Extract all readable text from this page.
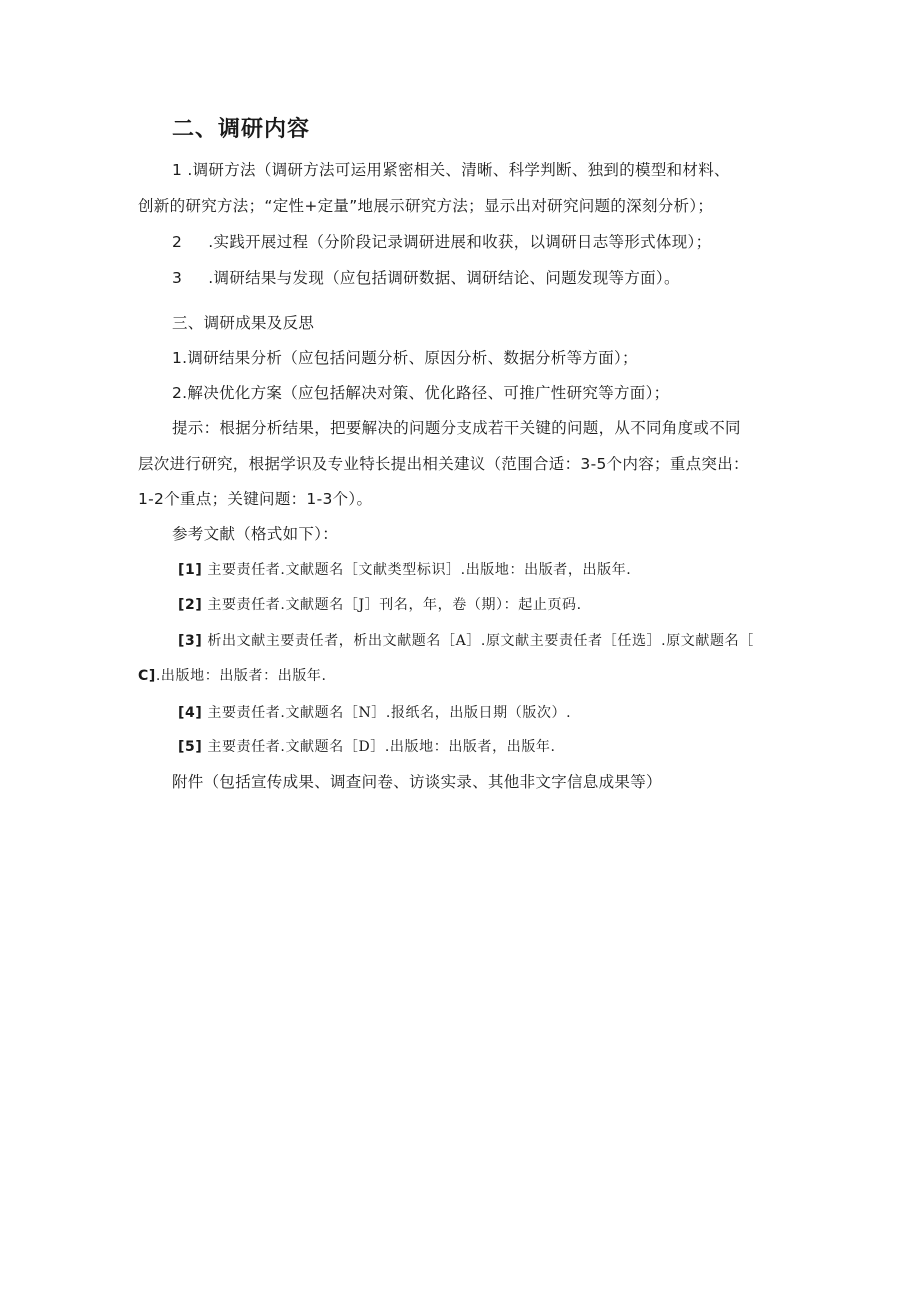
二、调研内容
1 .调研方法（调研方法可运用紧密相关、清晰、科学判断、独到的模型和材料、
创新的研究方法；“定性+定量”地展示研究方法；显示出对研究问题的深刻分析）；
2     .实践开展过程（分阶段记录调研进展和收获，以调研日志等形式体现）；
3     .调研结果与发现（应包括调研数据、调研结论、问题发现等方面）。
三、调研成果及反思
1.调研结果分析（应包括问题分析、原因分析、数据分析等方面）；
2.解决优化方案（应包括解决对策、优化路径、可推广性研究等方面）；
提示：根据分析结果，把要解决的问题分支成若干关键的问题，从不同角度或不同
层次进行研究，根据学识及专业特长提出相关建议（范围合适：3-5个内容；重点突出：
1-2个重点；关键问题：1-3个）。
参考文献（格式如下）：
[1] 主要责任者.文献题名［文献类型标识］.出版地：出版者，出版年.
[2] 主要责任者.文献题名［J］刊名，年，卷（期）：起止页码.
[3] 析出文献主要责任者，析出文献题名［A］.原文献主要责任者［任选］.原文献题名［
C].出版地：出版者：出版年.
[4] 主要责任者.文献题名［N］.报纸名，出版日期（版次）.
[5] 主要责任者.文献题名［D］.出版地：出版者，出版年.
附件（包括宣传成果、调查问卷、访谈实录、其他非文字信息成果等）
